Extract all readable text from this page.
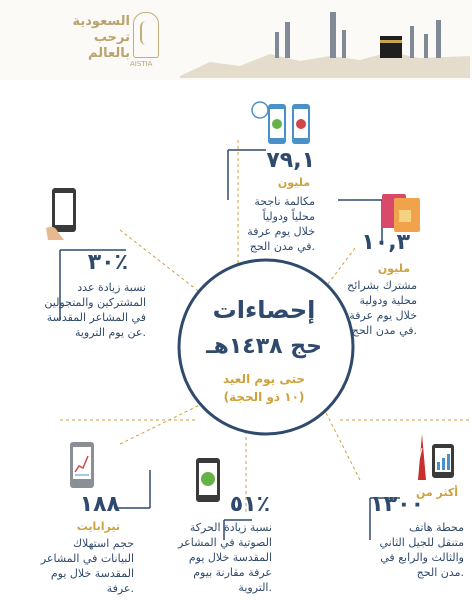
السعودية
ترحب
بالعالم
AISTIA
إحصاءات
حج ١٤٣٨هـ
حتى يوم العيد
(١٠ ذو الحجة)
٧٩,١
مليون
مكالمة ناجحة
محلياً ودولياً
خلال يوم عرفة
في مدن الحج.	١٠,٣
مليون
مشترك بشرائح
محلية ودولية
خلال يوم عرفة
في مدن الحج.
٣٠٪
نسبة زيادة عدد
المشتركين والمتجولين
في المشاعر المقدسة
عن يوم التروية.
١٨٨
تيرابايت
حجم استهلاك
البيانات في المشاعر
المقدسة خلال يوم
عرفة.
٥١٪
نسبة زيادة الحركة
الصوتية في المشاعر
المقدسة خلال يوم
عرفة مقارنة بيوم
التروية.
أكثر من
١٣٠٠
محطة هاتف
متنقل للجيل الثاني
والثالث والرابع في
مدن الحج.
